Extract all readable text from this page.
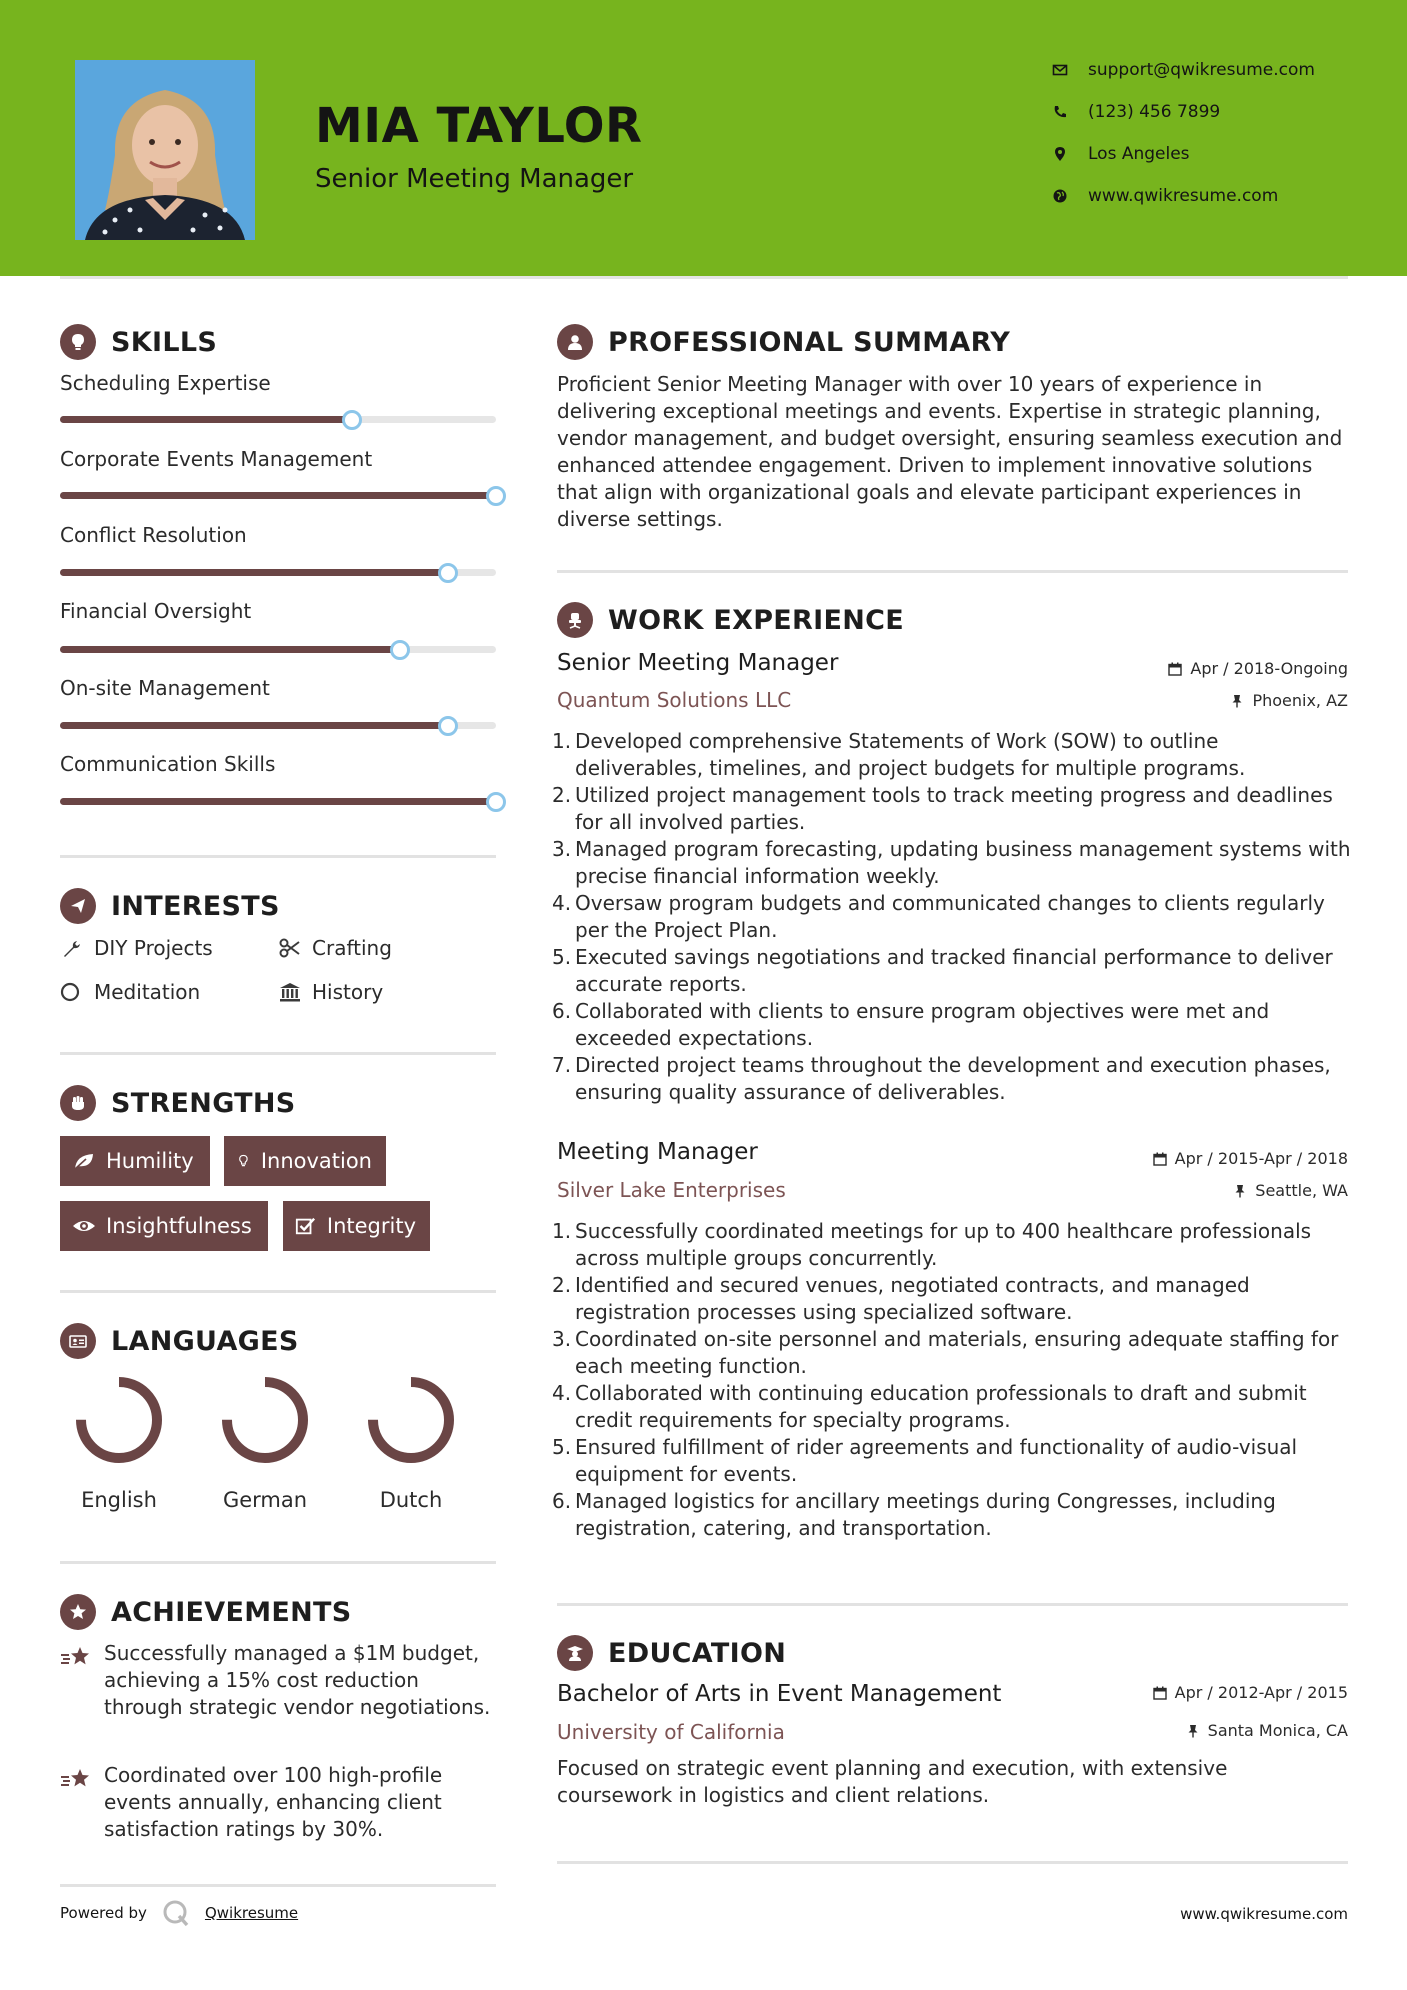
MIA TAYLOR
Senior Meeting Manager
support@qwikresume.com
(123) 456 7899
Los Angeles
www.qwikresume.com
SKILLS
Scheduling Expertise
Corporate Events Management
Conflict Resolution
Financial Oversight
On-site Management
Communication Skills
INTERESTS
DIY Projects	Crafting
Meditation	History
STRENGTHS
Humility	Innovation
Insightfulness	Integrity
LANGUAGES
English	German	Dutch
ACHIEVEMENTS
Successfully managed a $1M budget, achieving a 15% cost reduction through strategic vendor negotiations.
Coordinated over 100 high-profile events annually, enhancing client satisfaction ratings by 30%.
PROFESSIONAL SUMMARY

Proficient Senior Meeting Manager with over 10 years of experience in delivering exceptional meetings and events. Expertise in strategic planning, vendor management, and budget oversight, ensuring seamless execution and enhanced attendee engagement. Driven to implement innovative solutions that align with organizational goals and elevate participant experiences in diverse settings.

WORK EXPERIENCE
Senior Meeting Manager	Apr / 2018-Ongoing
Quantum Solutions LLC	Phoenix, AZ
1. Developed comprehensive Statements of Work (SOW) to outline deliverables, timelines, and project budgets for multiple programs.
2. Utilized project management tools to track meeting progress and deadlines for all involved parties.
3. Managed program forecasting, updating business management systems with precise financial information weekly.
4. Oversaw program budgets and communicated changes to clients regularly per the Project Plan.
5. Executed savings negotiations and tracked financial performance to deliver accurate reports.
6. Collaborated with clients to ensure program objectives were met and exceeded expectations.
7. Directed project teams throughout the development and execution phases, ensuring quality assurance of deliverables.
Meeting Manager	Apr / 2015-Apr / 2018
Silver Lake Enterprises	Seattle, WA
1. Successfully coordinated meetings for up to 400 healthcare professionals across multiple groups concurrently.
2. Identified and secured venues, negotiated contracts, and managed registration processes using specialized software.
3. Coordinated on-site personnel and materials, ensuring adequate staffing for each meeting function.
4. Collaborated with continuing education professionals to draft and submit credit requirements for specialty programs.
5. Ensured fulfillment of rider agreements and functionality of audio-visual equipment for events.
6. Managed logistics for ancillary meetings during Congresses, including registration, catering, and transportation.
EDUCATION
Bachelor of Arts in Event Management	Apr / 2012-Apr / 2015
University of California	Santa Monica, CA

Focused on strategic event planning and execution, with extensive coursework in logistics and client relations.

Powered by	Qwikresume	www.qwikresume.com
